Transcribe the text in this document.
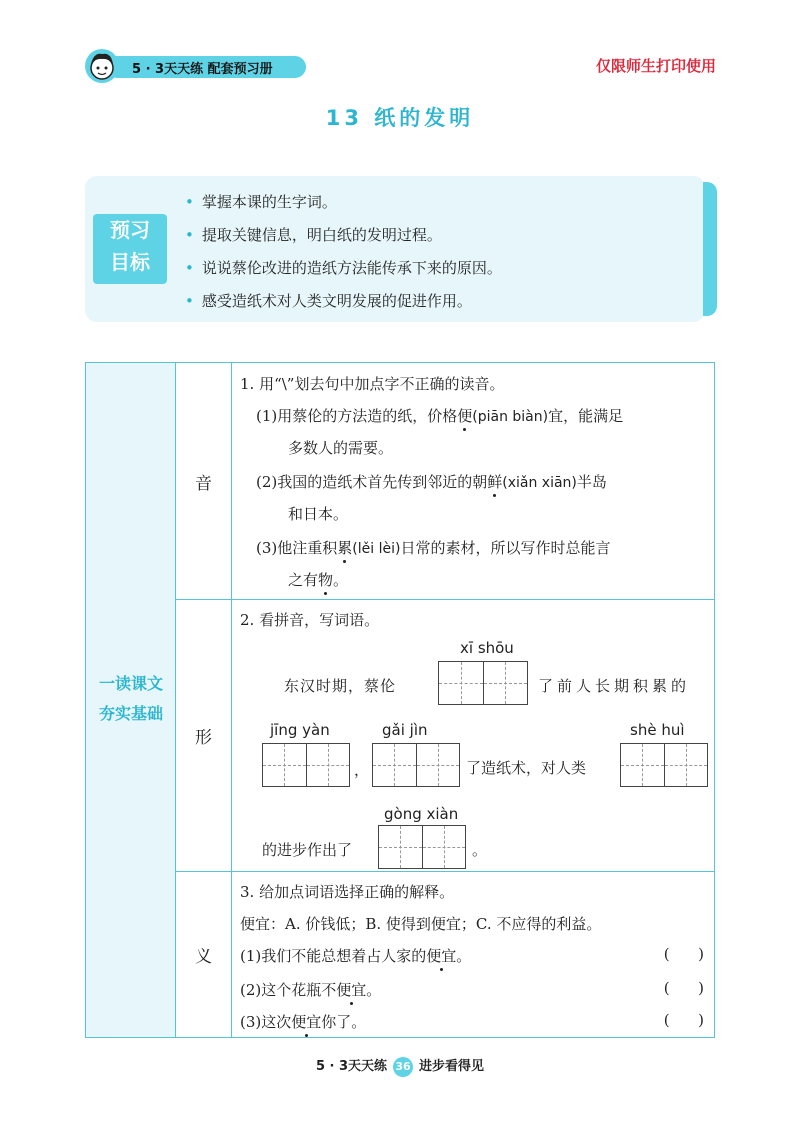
5 · 3天天练 配套预习册	仅限师生打印使用
13 纸的发明
预习
目标
• 掌握本课的生字词。
• 提取关键信息，明白纸的发明过程。
• 说说蔡伦改进的造纸方法能传承下来的原因。
• 感受造纸术对人类文明发展的促进作用。
一读课文
夯实基础
音
1. 用“\”划去句中加点字不正确的读音。
(1)用蔡伦的方法造的纸，价格便(piān biàn)宜，能满足
多数人的需要。
(2)我国的造纸术首先传到邻近的朝鲜(xiǎn xiān)半岛
和日本。
(3)他注重积累(lěi lèi)日常的素材，所以写作时总能言
之有物。
形
2. 看拼音，写词语。
xī shōu
东汉时期，蔡伦	了前人长期积累的
jīng yàn
，
gǎi jìn
了造纸术，对人类
shè huì
gòng xiàn
的进步作出了	。
义
3. 给加点词语选择正确的解释。
便宜：A. 价钱低；B. 使得到便宜；C. 不应得的利益。
(1)我们不能总想着占人家的便宜。	(      )
(2)这个花瓶不便宜。	(      )
(3)这次便宜你了。	(      )
5 · 3天天练 36 进步看得见
